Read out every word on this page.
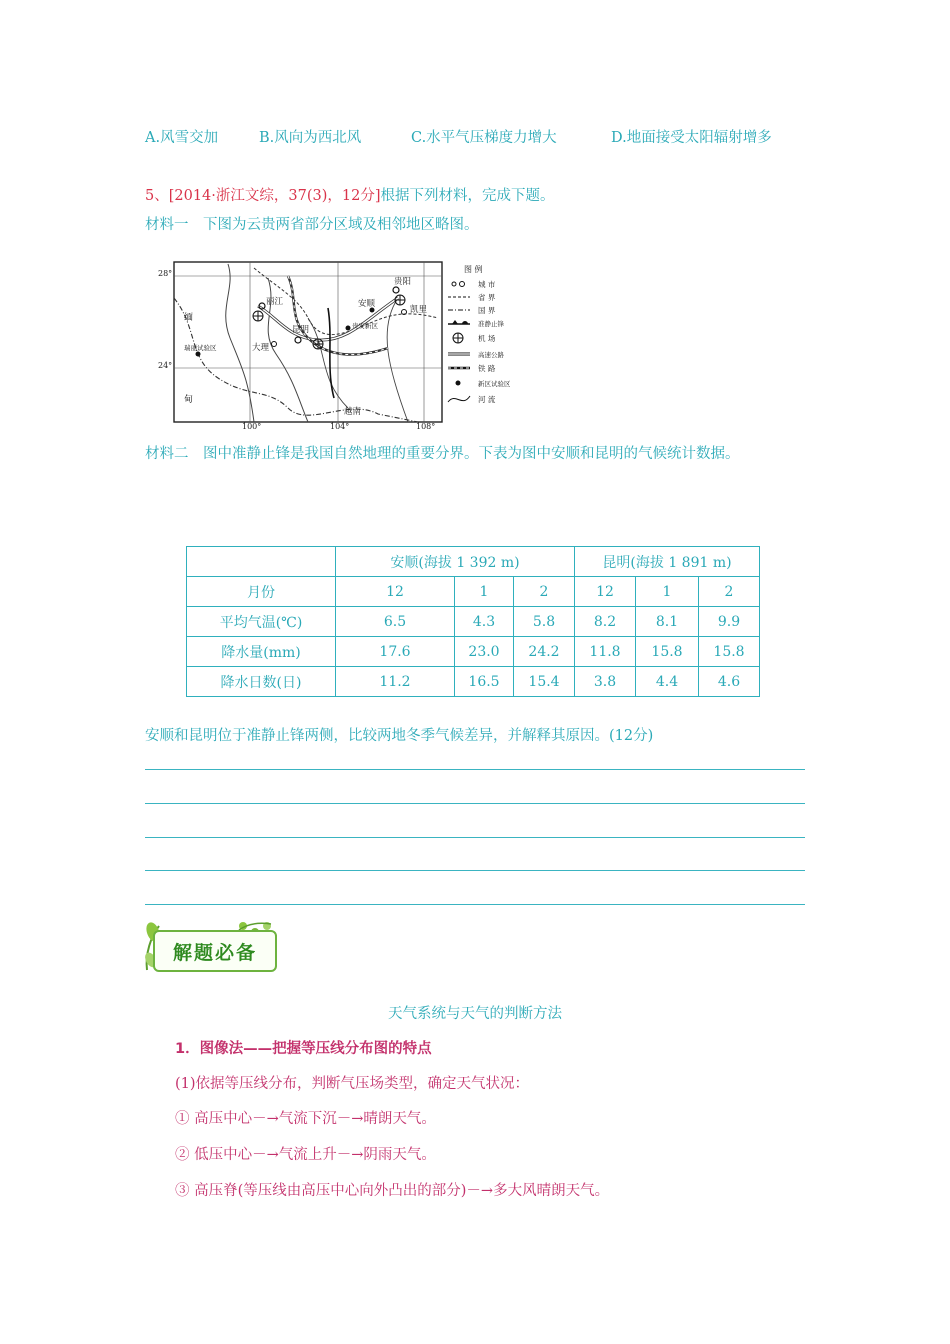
A.风雪交加	B.风向为西北风	C.水平气压梯度力增大	D.地面接受太阳辐射增多
5、[2014·浙江文综，37(3)，12分]根据下列材料，完成下题。
材料一　下图为云贵两省部分区域及相邻地区略图。
28°
24°
100°	104°	108°
丽江
贵阳
安顺
凯里
昆明
大理
贵安新区
瑞丽试验区
缅
甸
越南
图 例
城 市
省 界
国 界
准静止锋
机 场
高速公路
铁 路
新区试验区
河 流
材料二　图中准静止锋是我国自然地理的重要分界。下表为图中安顺和昆明的气候统计数据。
	安顺(海拔 1 392 m)			昆明(海拔 1 891 m)		
月份	12	1	2	12	1	2
平均气温(℃)	6.5	4.3	5.8	8.2	8.1	9.9
降水量(mm)	17.6	23.0	24.2	11.8	15.8	15.8
降水日数(日)	11.2	16.5	15.4	3.8	4.4	4.6
安顺和昆明位于准静止锋两侧，比较两地冬季气候差异，并解释其原因。(12分)
解题必备
天气系统与天气的判断方法
1．图像法——把握等压线分布图的特点
(1)依据等压线分布，判断气压场类型，确定天气状况：
① 高压中心－→气流下沉－→晴朗天气。
② 低压中心－→气流上升－→阴雨天气。
③ 高压脊(等压线由高压中心向外凸出的部分)－→多大风晴朗天气。
